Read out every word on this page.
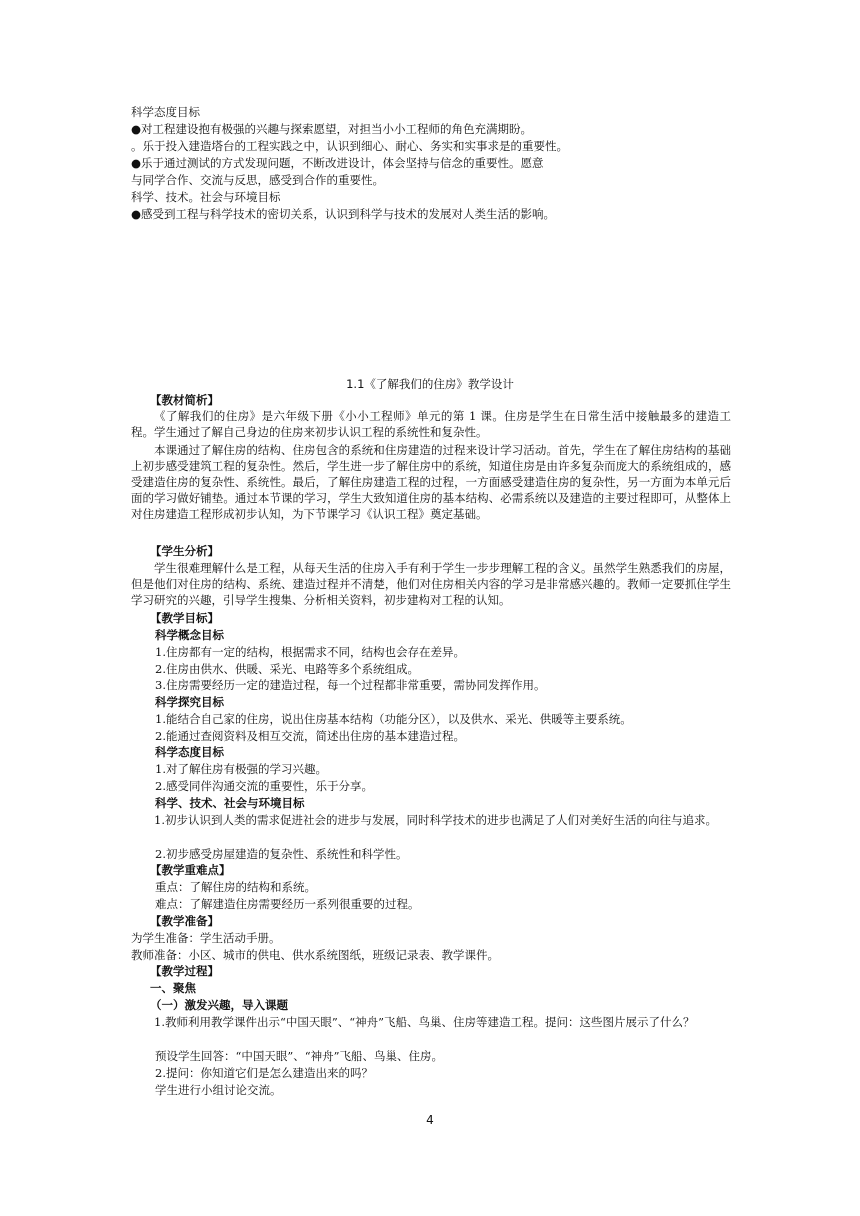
科学态度目标
●对工程建设抱有极强的兴趣与探索愿望，对担当小小工程师的角色充满期盼。
。乐于投入建造塔台的工程实践之中，认识到细心、耐心、务实和实事求是的重要性。
●乐于通过测试的方式发现问题，不断改进设计，体会坚持与信念的重要性。愿意
与同学合作、交流与反思，感受到合作的重要性。
科学、技术。社会与环境目标
●感受到工程与科学技术的密切关系，认识到科学与技术的发展对人类生活的影响。
1.1《了解我们的住房》教学设计
【教材简析】
《了解我们的住房》是六年级下册《小小工程师》单元的第 1 课。住房是学生在日常生活中接触最多的建造工程。学生通过了解自己身边的住房来初步认识工程的系统性和复杂性。
本课通过了解住房的结构、住房包含的系统和住房建造的过程来设计学习活动。首先，学生在了解住房结构的基础上初步感受建筑工程的复杂性。然后，学生进一步了解住房中的系统，知道住房是由许多复杂而庞大的系统组成的，感受建造住房的复杂性、系统性。最后，了解住房建造工程的过程，一方面感受建造住房的复杂性，另一方面为本单元后面的学习做好铺垫。通过本节课的学习，学生大致知道住房的基本结构、必需系统以及建造的主要过程即可，从整体上对住房建造工程形成初步认知，为下节课学习《认识工程》奠定基础。
【学生分析】
学生很难理解什么是工程，从每天生活的住房入手有利于学生一步步理解工程的含义。虽然学生熟悉我们的房屋，但是他们对住房的结构、系统、建造过程并不清楚，他们对住房相关内容的学习是非常感兴趣的。教师一定要抓住学生学习研究的兴趣，引导学生搜集、分析相关资料，初步建构对工程的认知。
【教学目标】
科学概念目标
1.住房都有一定的结构，根据需求不同，结构也会存在差异。
2.住房由供水、供暖、采光、电路等多个系统组成。
3.住房需要经历一定的建造过程，每一个过程都非常重要，需协同发挥作用。
科学探究目标
1.能结合自己家的住房，说出住房基本结构（功能分区），以及供水、采光、供暖等主要系统。
2.能通过查阅资料及相互交流，简述出住房的基本建造过程。
科学态度目标
1.对了解住房有极强的学习兴趣。
2.感受同伴沟通交流的重要性，乐于分享。
科学、技术、社会与环境目标
1.初步认识到人类的需求促进社会的进步与发展，同时科学技术的进步也满足了人们对美好生活的向往与追求。
2.初步感受房屋建造的复杂性、系统性和科学性。
【教学重难点】
重点：了解住房的结构和系统。
难点：了解建造住房需要经历一系列很重要的过程。
【教学准备】
为学生准备：学生活动手册。
教师准备：小区、城市的供电、供水系统图纸，班级记录表、教学课件。
【教学过程】
一、聚焦
（一）激发兴趣，导入课题
1.教师利用教学课件出示“中国天眼”、“神舟”飞船、鸟巢、住房等建造工程。提问：这些图片展示了什么？
预设学生回答：“中国天眼”、“神舟”飞船、鸟巢、住房。
2.提问：你知道它们是怎么建造出来的吗？
学生进行小组讨论交流。
4
